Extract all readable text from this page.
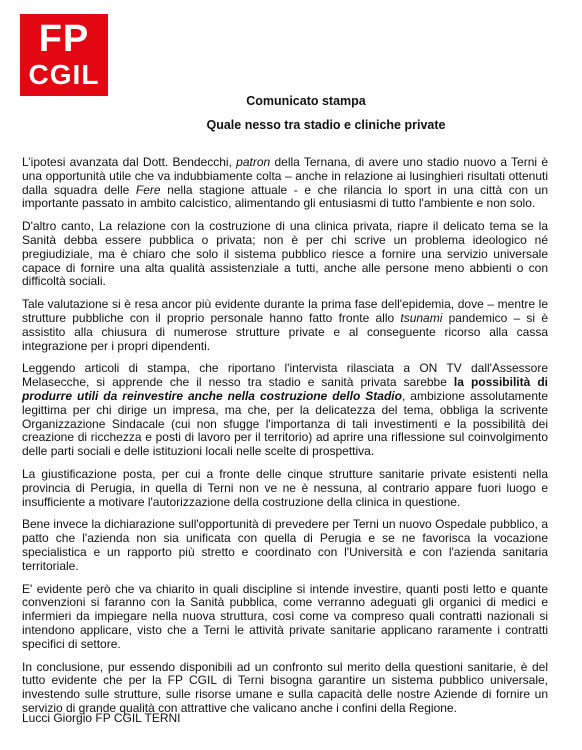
FP
CGIL
Comunicato stampa
Quale nesso tra stadio e cliniche private

L’ipotesi avanzata dal Dott. Bendecchi, patron della Ternana, di avere uno stadio nuovo a Terni è una opportunità utile che va indubbiamente colta – anche in relazione ai lusinghieri risultati ottenuti dalla squadra delle Fere nella stagione attuale - e che rilancia lo sport in una città con un importante passato in ambito calcistico, alimentando gli entusiasmi di tutto l'ambiente e non solo.

D'altro canto, La relazione con la costruzione di una clinica privata, riapre il delicato tema se la Sanità debba essere pubblica o privata; non è per chi scrive un problema ideologico né pregiudiziale, ma è chiaro che solo il sistema pubblico riesce a fornire una servizio universale capace di fornire una alta qualità assistenziale a tutti, anche alle persone meno abbienti o con difficoltà sociali.

Tale valutazione si è resa ancor più evidente durante la prima fase dell'epidemia, dove – mentre le strutture pubbliche con il proprio personale hanno fatto fronte allo tsunami pandemico – si è assistito alla chiusura di numerose strutture private e al conseguente ricorso alla cassa integrazione per i propri dipendenti.

Leggendo articoli di stampa, che riportano l'intervista rilasciata a ON TV dall'Assessore Melasecche, si apprende che il nesso tra stadio e sanità privata sarebbe la possibilità di produrre utili da reinvestire anche nella costruzione dello Stadio, ambizione assolutamente legittima per chi dirige un impresa, ma che, per la delicatezza del tema, obbliga la scrivente Organizzazione Sindacale (cui non sfugge l'importanza di tali investimenti e la possibilità dei creazione di ricchezza e posti di lavoro per il territorio) ad aprire una riflessione sul coinvolgimento delle parti sociali e delle istituzioni locali nelle scelte di prospettiva.

La giustificazione posta, per cui a fronte delle cinque strutture sanitarie private esistenti nella provincia di Perugia, in quella di Terni non ve ne è nessuna, al contrario appare fuori luogo e insufficiente a motivare l'autorizzazione della costruzione della clinica in questione.

Bene invece la dichiarazione sull'opportunità di prevedere per Terni un nuovo Ospedale pubblico, a patto che l'azienda non sia unificata con quella di Perugia e se ne favorisca la vocazione specialistica e un rapporto più stretto e coordinato con l'Università e con l'azienda sanitaria territoriale.

E' evidente però che va chiarito in quali discipline si intende investire, quanti posti letto e quante convenzioni si faranno con la Sanità pubblica, come verranno adeguati gli organici di medici e infermieri da impiegare nella nuova struttura, così come va compreso quali contratti nazionali si intendono applicare, visto che a Terni le attività private sanitarie applicano raramente i contratti specifici di settore.

In conclusione, pur essendo disponibili ad un confronto sul merito della questioni sanitarie, è del tutto evidente che per la FP CGIL di Terni bisogna garantire un sistema pubblico universale, investendo sulle strutture, sulle risorse umane e sulla capacità delle nostre Aziende di fornire un servizio di grande qualità con attrattive che valicano anche i confini della Regione.

Lucci Giorgio FP CGIL TERNI
